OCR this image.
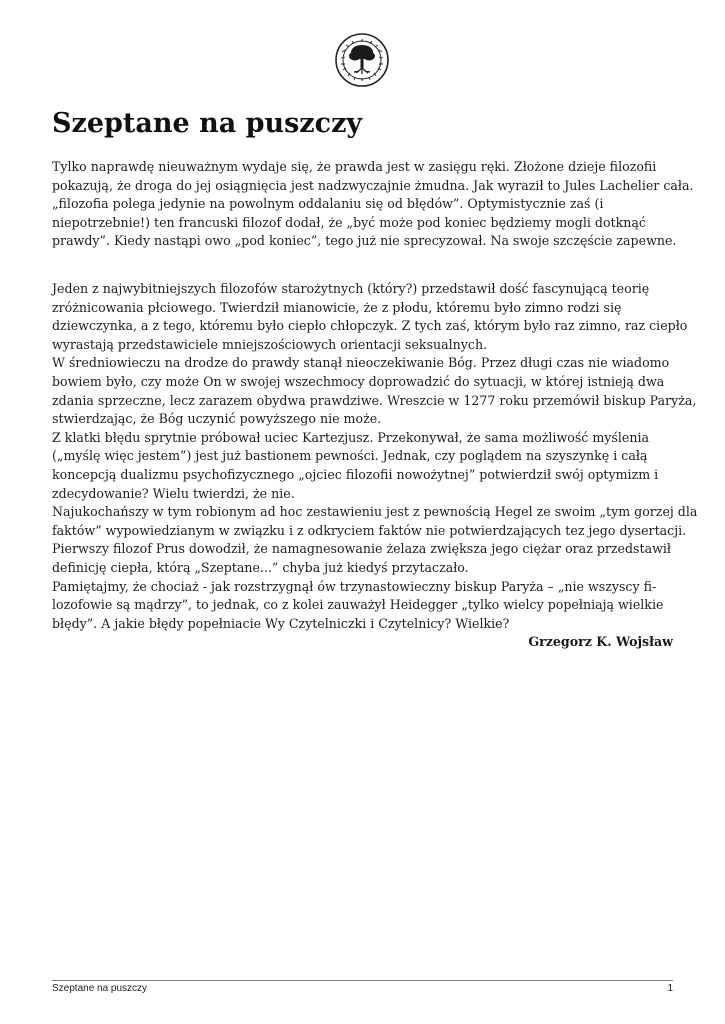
Szeptane na puszczy
Tylko naprawdę nieuważnym wydaje się, że prawda jest w zasięgu ręki. Złożone dzieje filozofii
pokazują, że droga do jej osiągnięcia jest nadzwyczajnie żmudna. Jak wyraził to Jules Lachelier cała.
„filozofia polega jedynie na powolnym oddalaniu się od błędów”. Optymistycznie zaś (i
niepotrzebnie!) ten francuski filozof dodał, że „być może pod koniec będziemy mogli dotknąć
prawdy”. Kiedy nastąpi owo „pod koniec”, tego już nie sprecyzował. Na swoje szczęście zapewne.
Jeden z najwybitniejszych filozofów starożytnych (który?) przedstawił dość fascynującą teorię
zróżnicowania płciowego. Twierdził mianowicie, że z płodu, któremu było zimno rodzi się
dziewczynka, a z tego, któremu było ciepło chłopczyk. Z tych zaś, którym było raz zimno, raz ciepło
wyrastają przedstawiciele mniejszościowych orientacji seksualnych.
W średniowieczu na drodze do prawdy stanął nieoczekiwanie Bóg. Przez długi czas nie wiadomo
bowiem było, czy może On w swojej wszechmocy doprowadzić do sytuacji, w której istnieją dwa
zdania sprzeczne, lecz zarazem obydwa prawdziwe. Wreszcie w 1277 roku przemówił biskup Paryża,
stwierdzając, że Bóg uczynić powyższego nie może.
Z klatki błędu sprytnie próbował uciec Kartezjusz. Przekonywał, że sama możliwość myślenia
(„myślę więc jestem”) jest już bastionem pewności. Jednak, czy poglądem na szyszynkę i całą
koncepcją dualizmu psychofizycznego „ojciec filozofii nowożytnej” potwierdził swój optymizm i
zdecydowanie? Wielu twierdzi, że nie.
Najukochańszy w tym robionym ad hoc zestawieniu jest z pewnością Hegel ze swoim „tym gorzej dla
faktów” wypowiedzianym w związku i z odkryciem faktów nie potwierdzających tez jego dysertacji.
Pierwszy filozof Prus dowodził, że namagnesowanie żelaza zwiększa jego ciężar oraz przedstawił
definicję ciepła, którą „Szeptane...” chyba już kiedyś przytaczało.
Pamiętajmy, że chociaż - jak rozstrzygnął ów trzynastowieczny biskup Paryża – „nie wszyscy fi-
lozofowie są mądrzy”, to jednak, co z kolei zauważył Heidegger „tylko wielcy popełniają wielkie
błędy”. A jakie błędy popełniacie Wy Czytelniczki i Czytelnicy? Wielkie?

Grzegorz K. Wojsław

Szeptane na puszczy	1
